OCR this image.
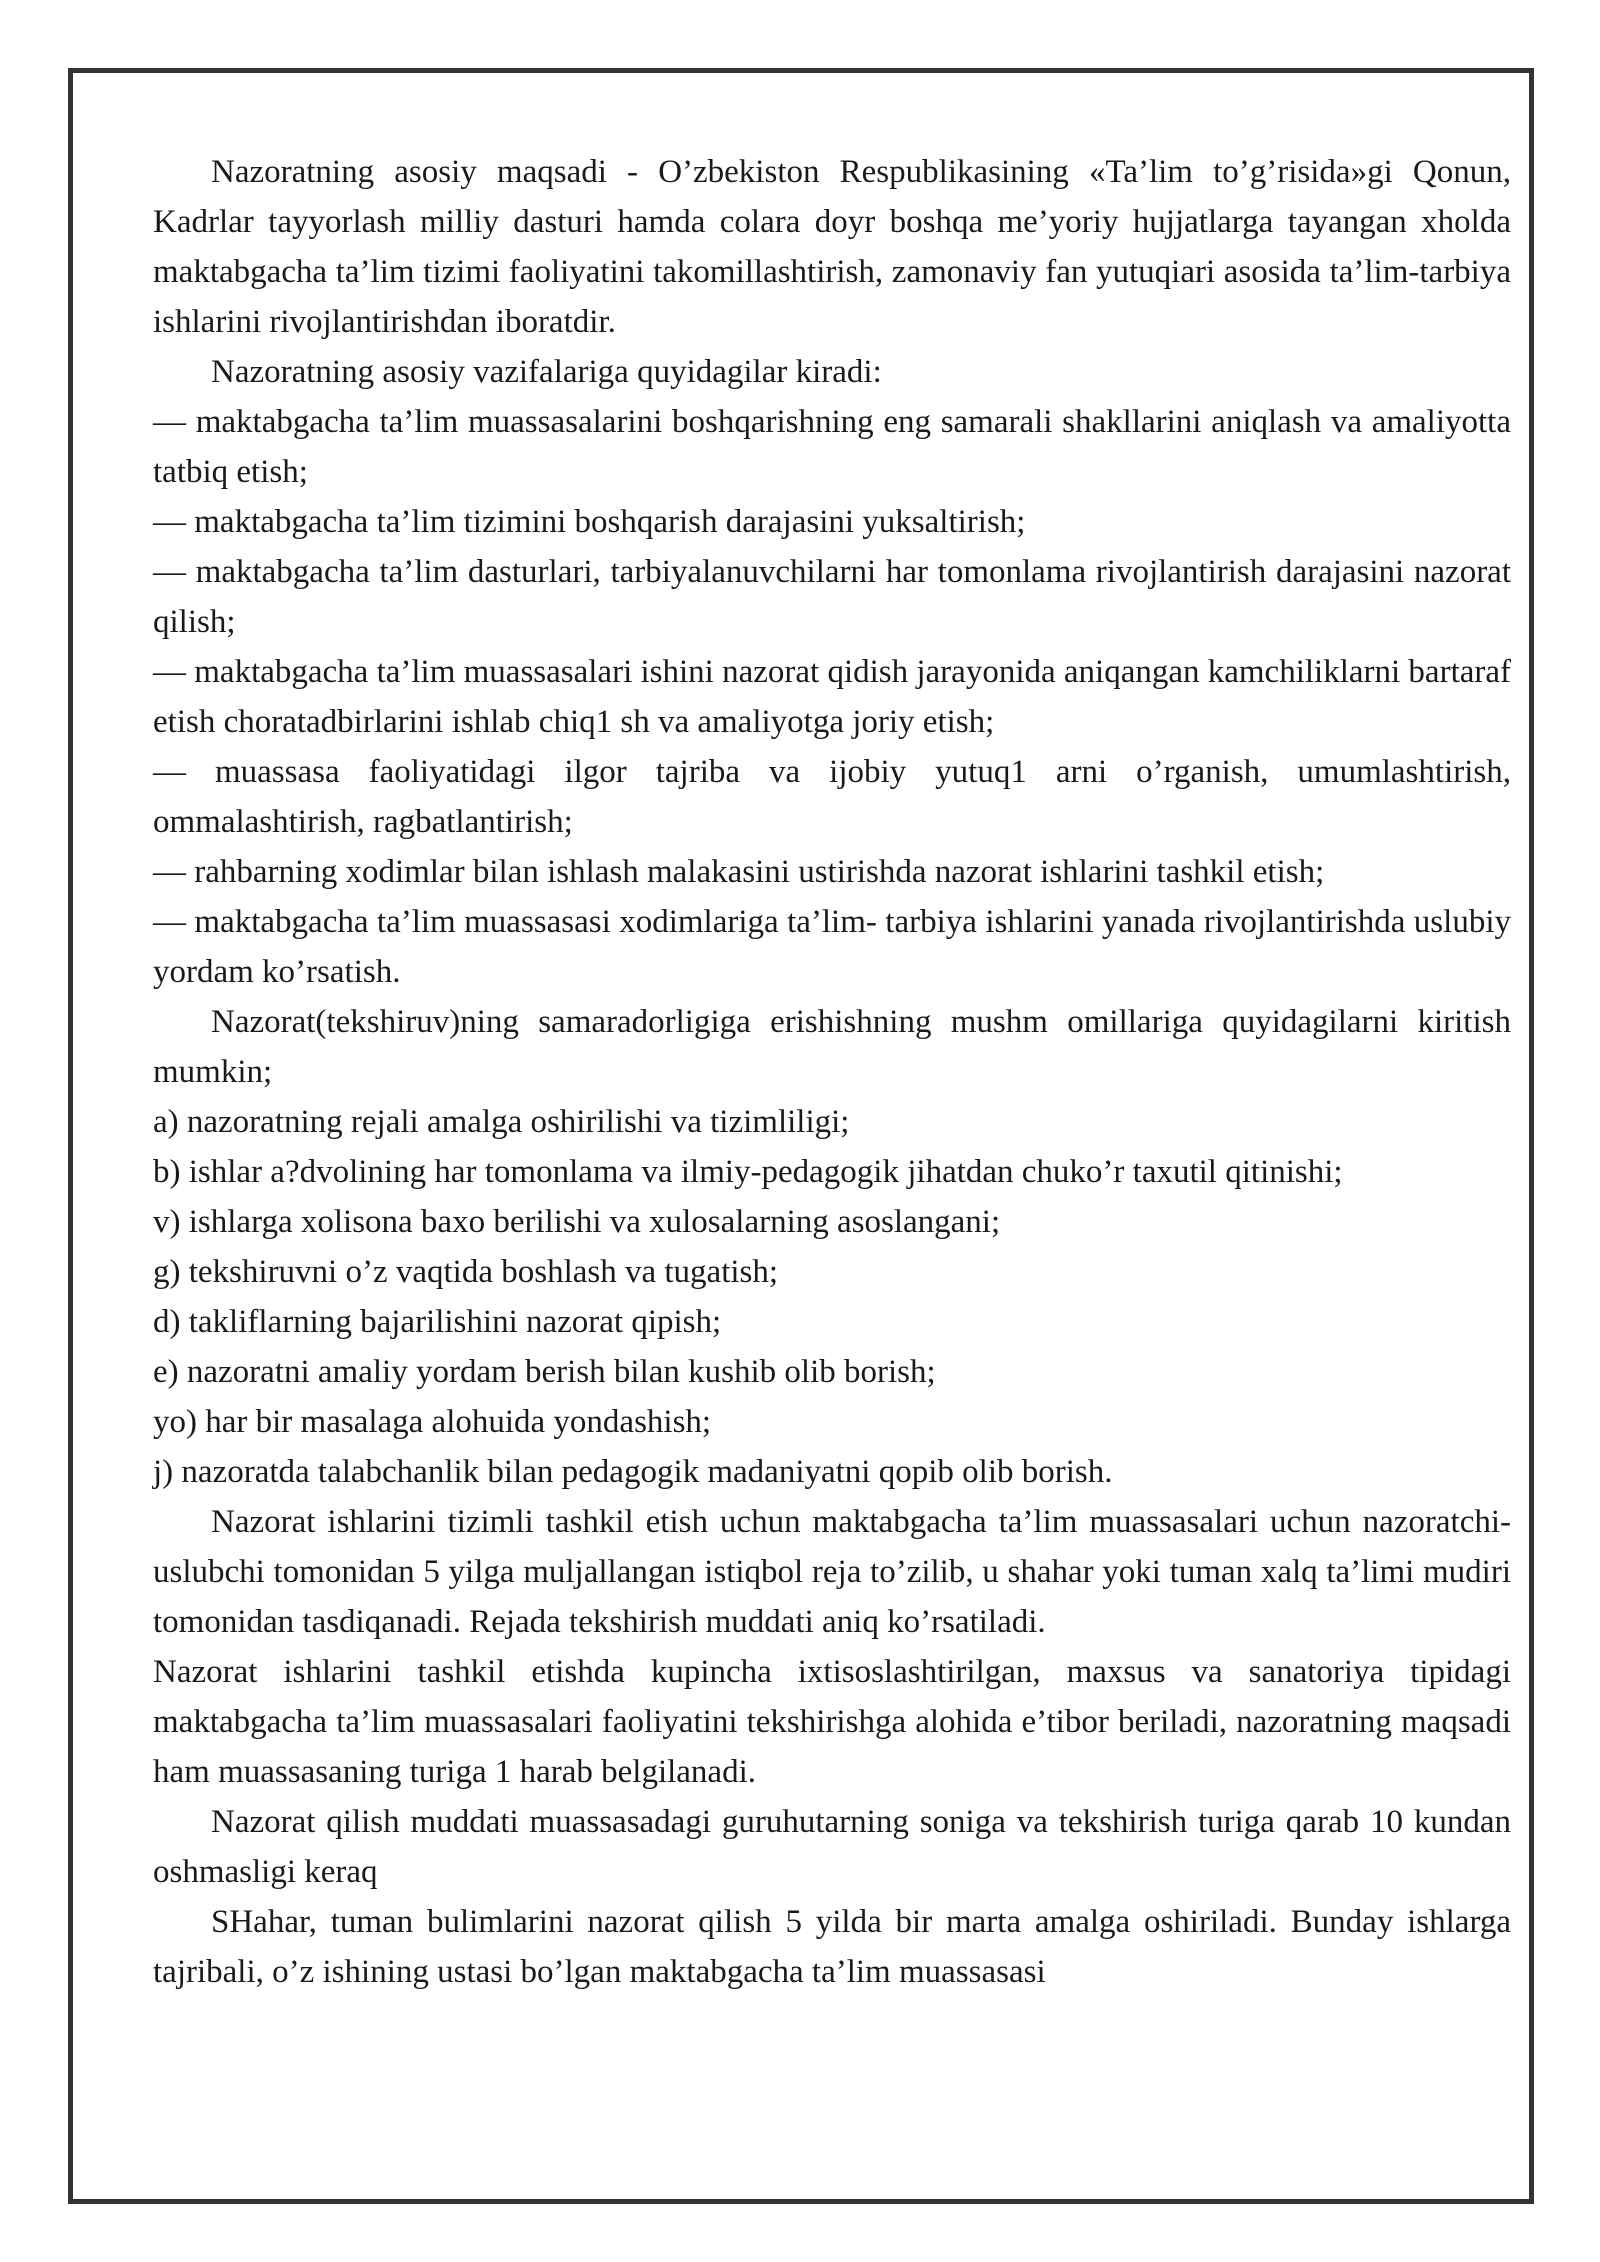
Nazoratning asosiy maqsadi - O’zbekiston Respublikasining «Ta’lim to’g’risida»gi Qonun, Kadrlar tayyorlash milliy dasturi hamda colara doyr boshqa me’yoriy hujjatlarga tayangan xholda maktabgacha ta’lim tizimi faoliyatini takomillashtirish, zamonaviy fan yutuqiari asosida ta’lim-tarbiya ishlarini rivojlantirishdan iboratdir.

Nazoratning asosiy vazifalariga quyidagilar kiradi:

— maktabgacha ta’lim muassasalarini boshqarishning eng samarali shakllarini aniqlash va amaliyotta tatbiq etish;

— maktabgacha ta’lim tizimini boshqarish darajasini yuksaltirish;

— maktabgacha ta’lim dasturlari, tarbiyalanuvchilarni har tomonlama rivojlantirish darajasini nazorat qilish;

— maktabgacha ta’lim muassasalari ishini nazorat qidish jarayonida aniqangan kamchiliklarni bartaraf etish choratadbirlarini ishlab chiq1 sh va amaliyotga joriy etish;

— muassasa faoliyatidagi ilgor tajriba va ijobiy yutuq1 arni o’rganish, umumlashtirish, ommalashtirish, ragbatlantirish;

— rahbarning xodimlar bilan ishlash malakasini ustirishda nazorat ishlarini tashkil etish;

— maktabgacha ta’lim muassasasi xodimlariga ta’lim- tarbiya ishlarini yanada rivojlantirishda uslubiy yordam ko’rsatish.

Nazorat(tekshiruv)ning samaradorligiga erishishning mushm omillariga quyidagilarni kiritish mumkin;

a) nazoratning rejali amalga oshirilishi va tizimliligi;

b) ishlar a?dvolining har tomonlama va ilmiy-pedagogik jihatdan chuko’r taxutil qitinishi;

v) ishlarga xolisona baxo berilishi va xulosalarning asoslangani;

g) tekshiruvni o’z vaqtida boshlash va tugatish;

d) takliflarning bajarilishini nazorat qipish;

e) nazoratni amaliy yordam berish bilan kushib olib borish;

yo) har bir masalaga alohuida yondashish;

j) nazoratda talabchanlik bilan pedagogik madaniyatni qopib olib borish.

Nazorat ishlarini tizimli tashkil etish uchun maktabgacha ta’lim muassasalari uchun nazoratchi-uslubchi tomonidan 5 yilga muljallangan istiqbol reja to’zilib, u shahar yoki tuman xalq ta’limi mudiri tomonidan tasdiqanadi. Rejada tekshirish muddati aniq ko’rsatiladi.

Nazorat ishlarini tashkil etishda kupincha ixtisoslashtirilgan, maxsus va sanatoriya tipidagi maktabgacha ta’lim muassasalari faoliyatini tekshirishga alohida e’tibor beriladi, nazoratning maqsadi ham muassasaning turiga 1 harab belgilanadi.

Nazorat qilish muddati muassasadagi guruhutarning soniga va tekshirish turiga qarab 10 kundan oshmasligi keraq

SHahar, tuman bulimlarini nazorat qilish 5 yilda bir marta amalga oshiriladi. Bunday ishlarga tajribali, o’z ishining ustasi bo’lgan maktabgacha ta’lim muassasasi
